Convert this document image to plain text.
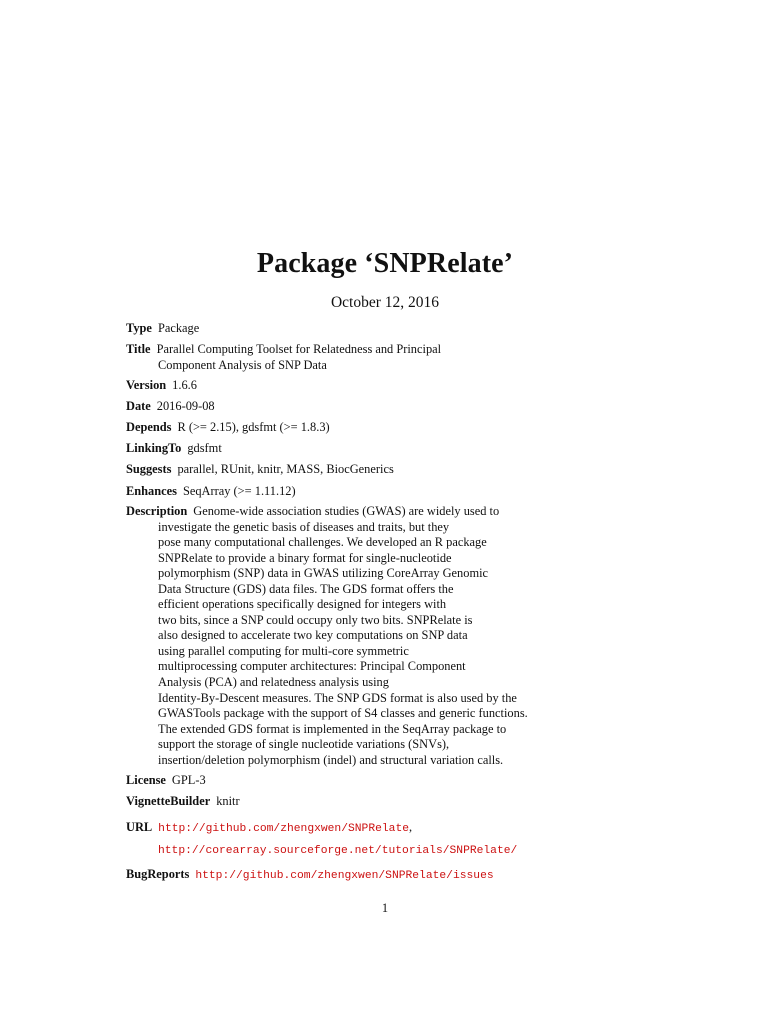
Package ‘SNPRelate’
October 12, 2016
Type Package
Title Parallel Computing Toolset for Relatedness and Principal
Component Analysis of SNP Data
Version 1.6.6
Date 2016-09-08
Depends R (>= 2.15), gdsfmt (>= 1.8.3)
LinkingTo gdsfmt
Suggests parallel, RUnit, knitr, MASS, BiocGenerics
Enhances SeqArray (>= 1.11.12)
Description Genome-wide association studies (GWAS) are widely used to
investigate the genetic basis of diseases and traits, but they
pose many computational challenges. We developed an R package
SNPRelate to provide a binary format for single-nucleotide
polymorphism (SNP) data in GWAS utilizing CoreArray Genomic
Data Structure (GDS) data files. The GDS format offers the
efficient operations specifically designed for integers with
two bits, since a SNP could occupy only two bits. SNPRelate is
also designed to accelerate two key computations on SNP data
using parallel computing for multi-core symmetric
multiprocessing computer architectures: Principal Component
Analysis (PCA) and relatedness analysis using
Identity-By-Descent measures. The SNP GDS format is also used by the
GWASTools package with the support of S4 classes and generic functions.
The extended GDS format is implemented in the SeqArray package to
support the storage of single nucleotide variations (SNVs),
insertion/deletion polymorphism (indel) and structural variation calls.
License GPL-3
VignetteBuilder knitr
URL http://github.com/zhengxwen/SNPRelate,
http://corearray.sourceforge.net/tutorials/SNPRelate/
BugReports http://github.com/zhengxwen/SNPRelate/issues
1
